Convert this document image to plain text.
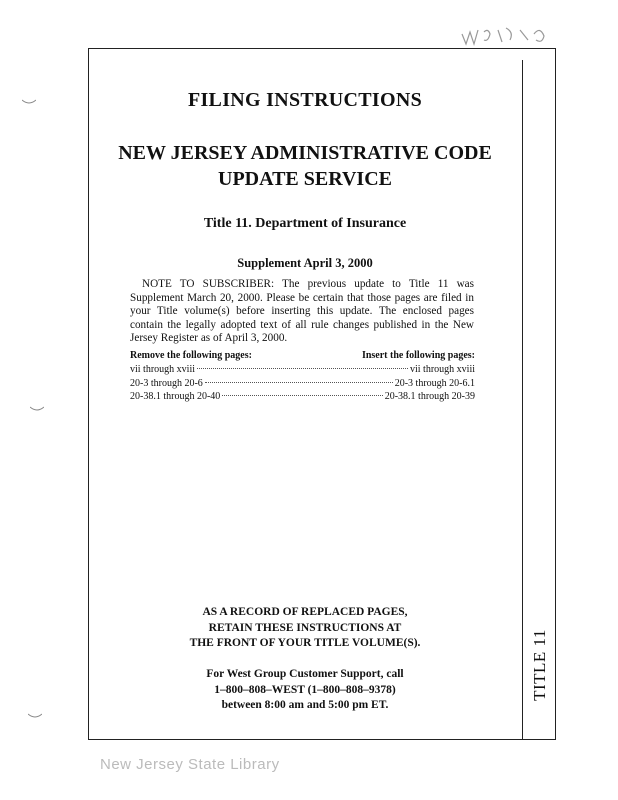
TITLE 11
FILING INSTRUCTIONS
NEW JERSEY ADMINISTRATIVE CODE
UPDATE SERVICE
Title 11. Department of Insurance
Supplement April 3, 2000
NOTE TO SUBSCRIBER: The previous update to Title 11 was Supplement March 20, 2000. Please be certain that those pages are filed in your Title volume(s) before inserting this update. The enclosed pages contain the legally adopted text of all rule changes published in the New Jersey Register as of April 3, 2000.
Remove the following pages:	Insert the following pages:
vii through xviii	vii through xviii
20-3 through 20-6	20-3 through 20-6.1
20-38.1 through 20-40	20-38.1 through 20-39
AS A RECORD OF REPLACED PAGES,
RETAIN THESE INSTRUCTIONS AT
THE FRONT OF YOUR TITLE VOLUME(S).
For West Group Customer Support, call
1–800–808–WEST (1–800–808–9378)
between 8:00 am and 5:00 pm ET.
New Jersey State Library
